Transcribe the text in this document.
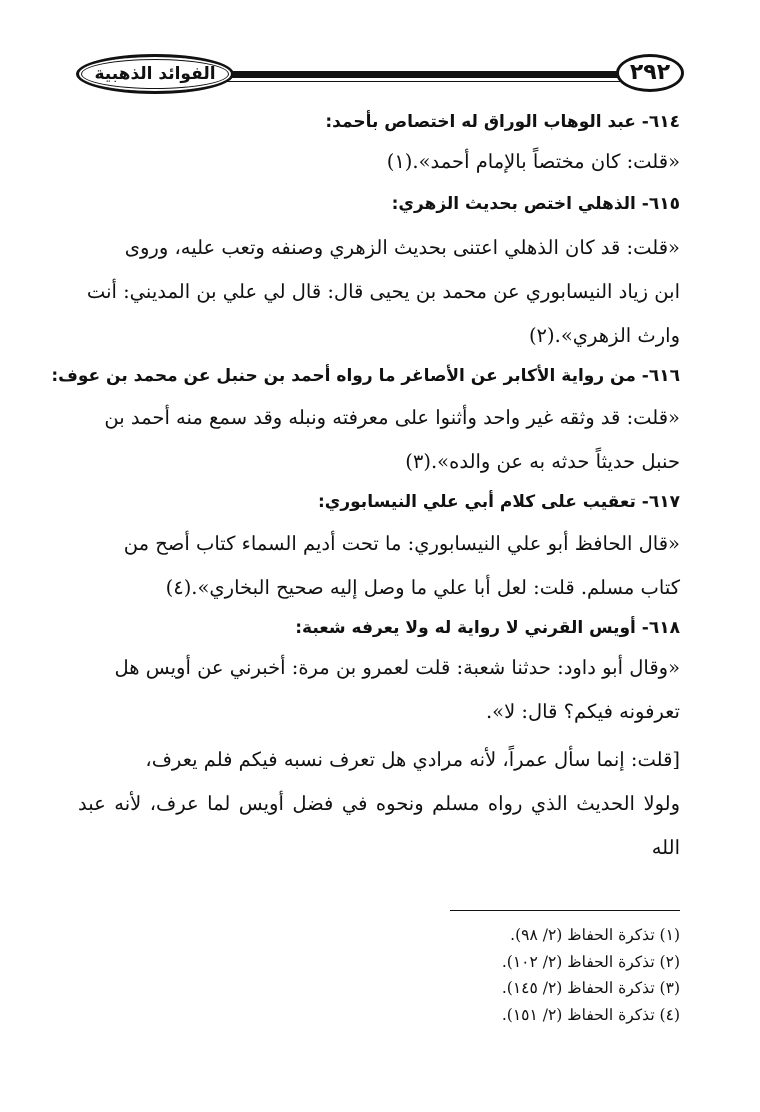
٢٩٢
الفوائد الذهبية

٦١٤- عبد الوهاب الوراق له اختصاص بأحمد:

«قلت: كان مختصاً بالإمام أحمد».(١)

٦١٥- الذهلي اختص بحديث الزهري:

«قلت: قد كان الذهلي اعتنى بحديث الزهري وصنفه وتعب عليه، وروى

ابن زياد النيسابوري عن محمد بن يحيى قال: قال لي علي بن المديني: أنت

وارث الزهري».(٢)

٦١٦- من رواية الأكابر عن الأصاغر ما رواه أحمد بن حنبل عن محمد بن عوف:

«قلت: قد وثقه غير واحد وأثنوا على معرفته ونبله وقد سمع منه أحمد بن

حنبل حديثاً حدثه به عن والده».(٣)

٦١٧- تعقيب على كلام أبي علي النيسابوري:

«قال الحافظ أبو علي النيسابوري: ما تحت أديم السماء كتاب أصح من

كتاب مسلم. قلت: لعل أبا علي ما وصل إليه صحيح البخاري».(٤)

٦١٨- أويس القرني لا رواية له ولا يعرفه شعبة:

«وقال أبو داود: حدثنا شعبة: قلت لعمرو بن مرة: أخبرني عن أويس هل

تعرفونه فيكم؟ قال: لا».

[قلت: إنما سأل عمراً، لأنه مرادي هل تعرف نسبه فيكم فلم يعرف،

ولولا الحديث الذي رواه مسلم ونحوه في فضل أويس لما عرف، لأنه عبد الله

(١) تذكرة الحفاظ (٢/ ٩٨).

(٢) تذكرة الحفاظ (٢/ ١٠٢).

(٣) تذكرة الحفاظ (٢/ ١٤٥).

(٤) تذكرة الحفاظ (٢/ ١٥١).
